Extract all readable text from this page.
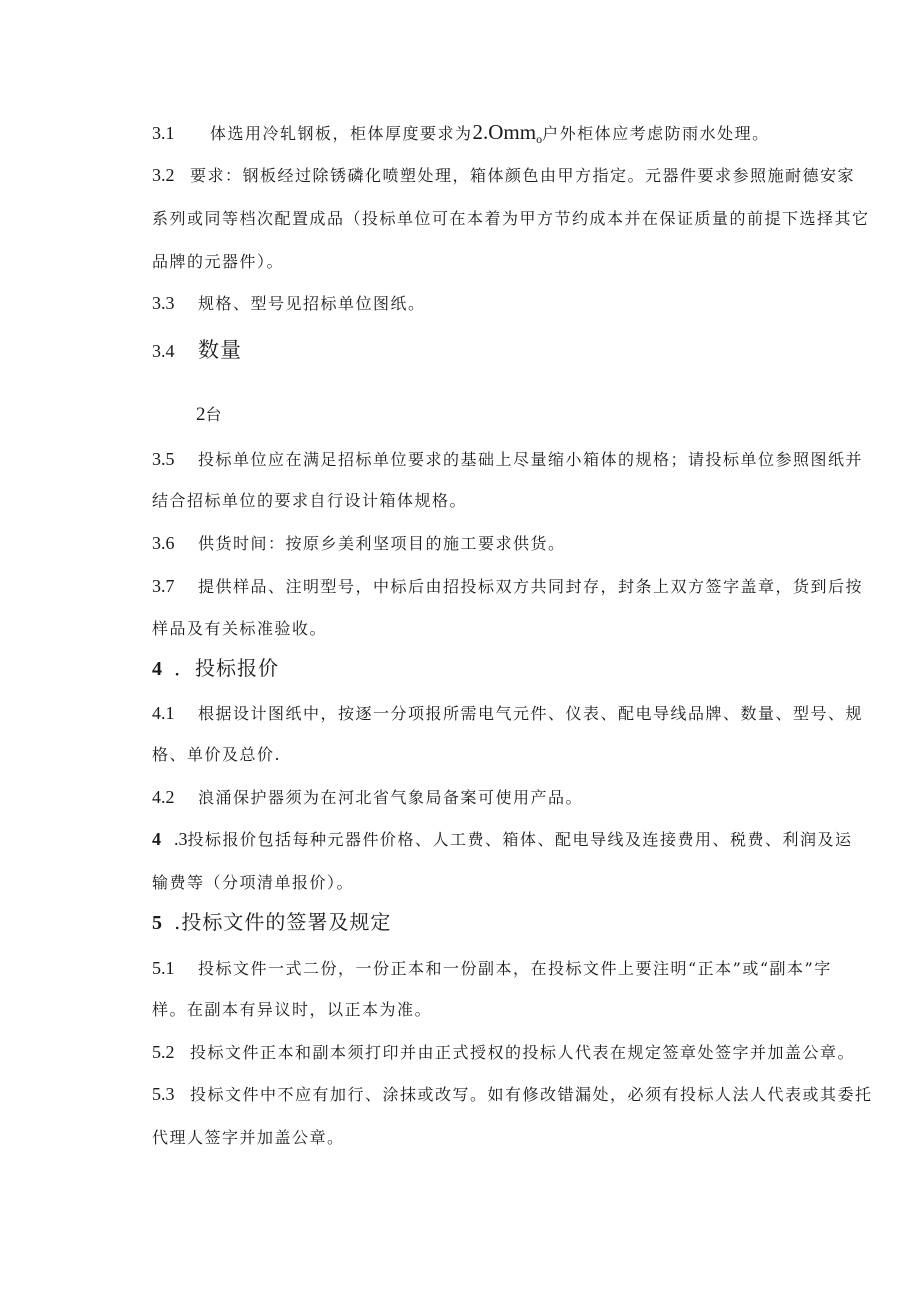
3.1 体选用冷轧钢板，柜体厚度要求为2.Omm$_o$户外柜体应考虑防雨水处理。
3.2 要求：钢板经过除锈磷化喷塑处理，箱体颜色由甲方指定。元器件要求参照施耐德安家
系列或同等档次配置成品（投标单位可在本着为甲方节约成本并在保证质量的前提下选择其它
品牌的元器件）。
3.3 规格、型号见招标单位图纸。
3.4 数量
2台
3.5 投标单位应在满足招标单位要求的基础上尽量缩小箱体的规格；请投标单位参照图纸并
结合招标单位的要求自行设计箱体规格。
3.6 供货时间：按原乡美利坚项目的施工要求供货。
3.7 提供样品、注明型号，中标后由招投标双方共同封存，封条上双方签字盖章，货到后按
样品及有关标准验收。
4 ．投标报价
4.1 根据设计图纸中，按逐一分项报所需电气元件、仪表、配电导线品牌、数量、型号、规
格、单价及总价.
4.2 浪涌保护器须为在河北省气象局备案可使用产品。
4 .3投标报价包括每种元器件价格、人工费、箱体、配电导线及连接费用、税费、利润及运
输费等（分项清单报价）。
5 .投标文件的签署及规定
5.1 投标文件一式二份，一份正本和一份副本，在投标文件上要注明“正本”或“副本”字
样。在副本有异议时，以正本为准。
5.2 投标文件正本和副本须打印并由正式授权的投标人代表在规定签章处签字并加盖公章。
5.3 投标文件中不应有加行、涂抹或改写。如有修改错漏处，必须有投标人法人代表或其委托
代理人签字并加盖公章。
